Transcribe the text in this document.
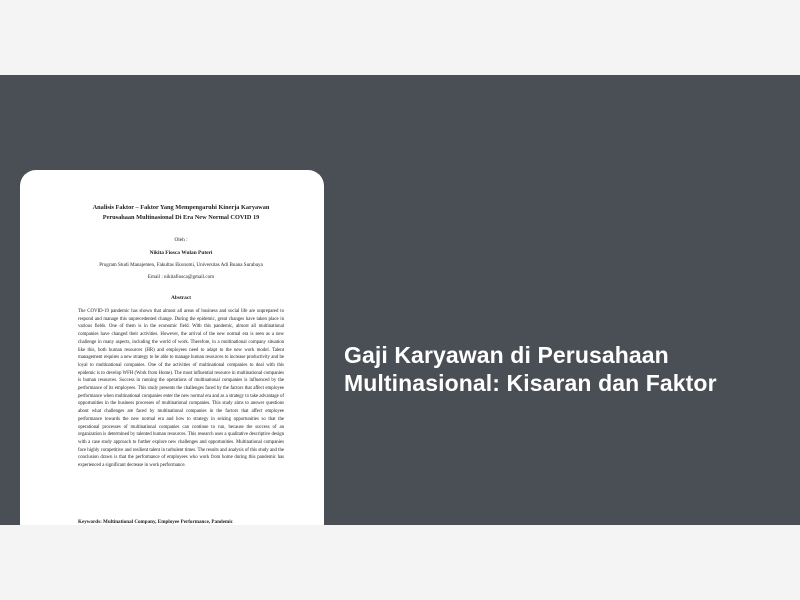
Analisis Faktor – Faktor Yang Mempengaruhi Kinerja Karyawan
Perusahaan Multinasional Di Era New Normal COVID 19

Oleh :
Nikita Fiosca Wulan Puteri
Program Studi Manajemen, Fakultas Ekonomi, Universitas Adi Buana Surabaya
Email : nikitafiosca@gmail.com
Abstract
The COVID-19 pandemic has shown that almost all areas of business and social life are unprepared to respond and manage this unprecedented change. During the epidemic, great changes have taken place in various fields. One of them is in the economic field. With this pandemic, almost all multinational companies have changed their activities. However, the arrival of the new normal era is seen as a new challenge in many aspects, including the world of work. Therefore, in a multinational company situation like this, both human resources (HR) and employees need to adapt to the new work model. Talent management requires a new strategy to be able to manage human resources to increase productivity and be loyal to multinational companies. One of the activities of multinational companies to deal with this epidemic is to develop WFH (Work from Home). The most influential resource in multinational companies is human resources. Success in running the operations of multinational companies is influenced by the performance of its employees. This study presents the challenges faced by the factors that affect employee performance when multinational companies enter the new normal era and as a strategy to take advantage of opportunities in the business processes of multinational companies. This study aims to answer questions about what challenges are faced by multinational companies in the factors that affect employee performance towards the new normal era and how to strategy in seizing opportunities so that the operational processes of multinational companies can continue to run, because the success of an organization is determined by talented human resources. This research uses a qualitative descriptive design with a case study approach to further explore new challenges and opportunities. Multinational companies face highly competitive and resilient talent in turbulent times. The results and analysis of this study and the conclusion drawn is that the performance of employees who work from home during this pandemic has experienced a significant decrease in work performance.
Keywords: Multinational Company, Employee Performance, Pandemic
Gaji Karyawan di Perusahaan Multinasional: Kisaran dan Faktor
